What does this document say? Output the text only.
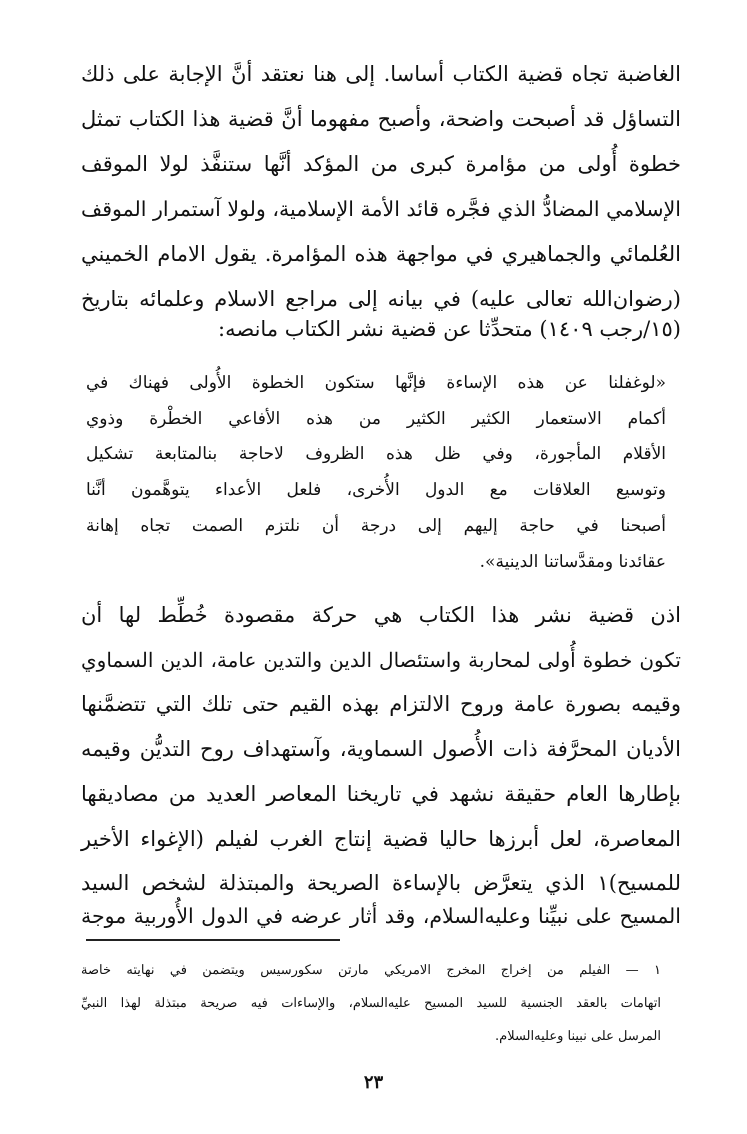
الغاضبة تجاه قضية الكتاب أساسا. إلى هنا نعتقد أنَّ الإجابة على ذلك
التساؤل قد أصبحت واضحة، وأصبح مفهوما أنَّ قضية هذا الكتاب تمثل
خطوة أُولى من مؤامرة كبرى من المؤكد أنَّها ستنفَّذ لولا الموقف
الإسلامي المضادُّ الذي فجَّره قائد الأمة الإسلامية، ولولا آستمرار الموقف
العُلمائي والجماهيري في مواجهة هذه المؤامرة. يقول الامام الخميني
(رضوان‌الله تعالى عليه) في بيانه إلى مراجع الاسلام وعلمائه بتاريخ
(١٥/رجب ١٤٠٩) متحدِّثا عن قضية نشر الكتاب مانصه:
«لوغفلنا عن هذه الإساءة فإنَّها ستكون الخطوة الأُولى فهناك في
أكمام الاستعمار الكثير الكثير من هذه الأفاعي الخطْرة وذوي
الأقلام المأجورة، وفي ظل هذه الظروف لاحاجة بنالمتابعة تشكيل
وتوسيع العلاقات مع الدول الأُخرى، فلعل الأعداء يتوهَّمون أنَّنا
أصبحنا في حاجة إليهم إلى درجة أن نلتزم الصمت تجاه إهانة
عقائدنا ومقدَّساتنا الدينية».
اذن قضية نشر هذا الكتاب هي حركة مقصودة خُطِّط لها أن
تكون خطوة أُولى لمحاربة واستئصال الدين والتدين عامة، الدين السماوي
وقيمه بصورة عامة وروح الالتزام بهذه القيم حتى تلك التي تتضمَّنها
الأديان المحرَّفة ذات الأُصول السماوية، وآستهداف روح التديُّن وقيمه
بإطارها العام حقيقة نشهد في تاريخنا المعاصر العديد من مصاديقها
المعاصرة، لعل أبرزها حاليا قضية إنتاج الغرب لفيلم (الإغواء الأخير
للمسيح)١ الذي يتعرَّض بالإساءة الصريحة والمبتذلة لشخص السيد
المسيح على نبيِّنا وعليه‌السلام، وقد أثار عرضه في الدول الأُوربية موجة
١ — الفيلم من إخراج المخرج الامريكي مارتن سكورسيس ويتضمن في نهايته خاصة
اتهامات بالعقد الجنسية للسيد المسيح عليه‌السلام، والإساءات فيه صريحة مبتذلة لهذا النبيِّ
المرسل على نبينا وعليه‌السلام.
٢٣
